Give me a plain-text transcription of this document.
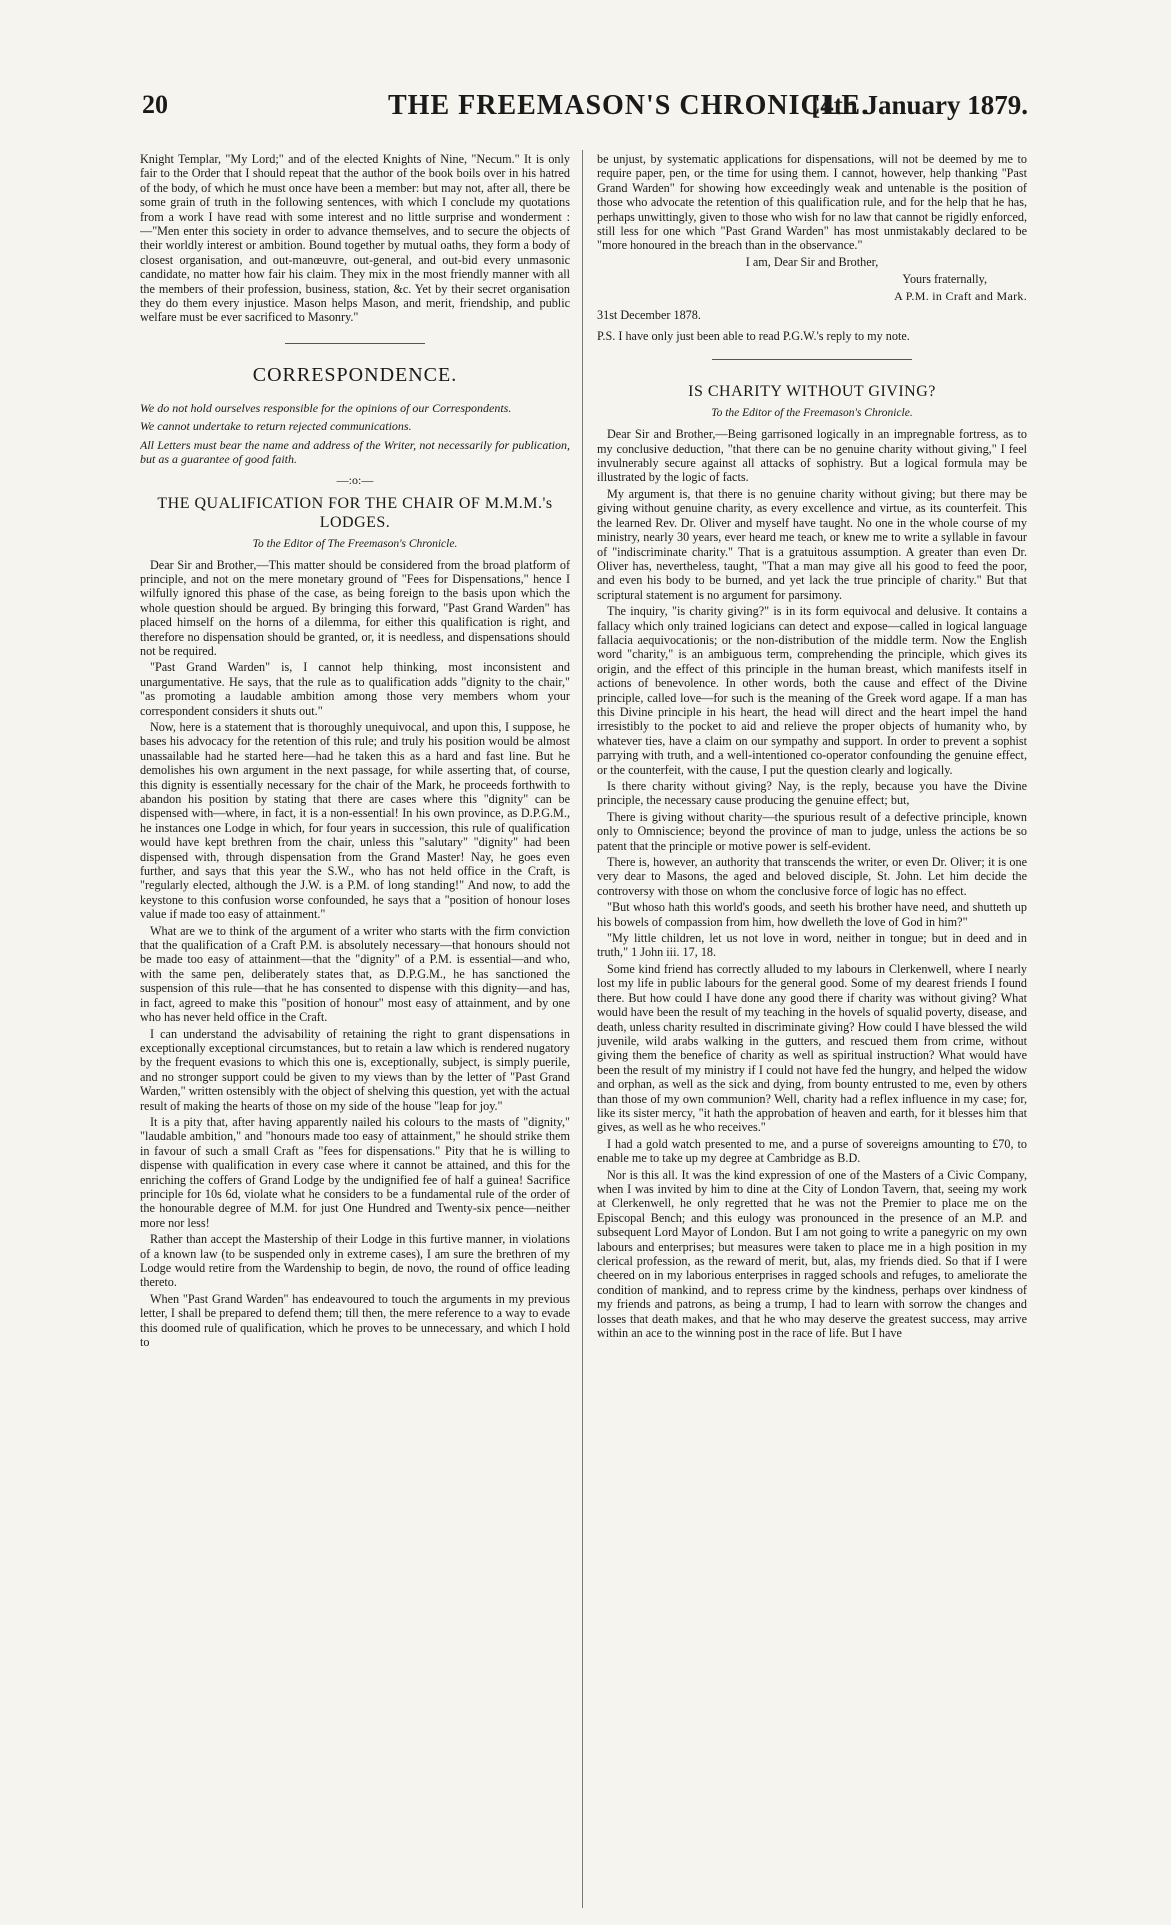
20	THE FREEMASON'S CHRONICLE.
[4th January 1879.

Knight Templar, "My Lord;" and of the elected Knights of Nine, "Necum." It is only fair to the Order that I should repeat that the author of the book boils over in his hatred of the body, of which he must once have been a member: but may not, after all, there be some grain of truth in the following sentences, with which I conclude my quotations from a work I have read with some interest and no little surprise and wonderment :—"Men enter this society in order to advance themselves, and to secure the objects of their worldly interest or ambition. Bound together by mutual oaths, they form a body of closest organisation, and out-manœuvre, out-general, and out-bid every unmasonic candidate, no matter how fair his claim. They mix in the most friendly manner with all the members of their profession, business, station, &c. Yet by their secret organisation they do them every injustice. Mason helps Mason, and merit, friendship, and public welfare must be ever sacrificed to Masonry."

CORRESPONDENCE.

We do not hold ourselves responsible for the opinions of our Correspondents.

We cannot undertake to return rejected communications.

All Letters must bear the name and address of the Writer, not necessarily for publication, but as a guarantee of good faith.

—:o:—
THE QUALIFICATION FOR THE CHAIR OF M.M.M.'s LODGES.
To the Editor of The Freemason's Chronicle.

Dear Sir and Brother,—This matter should be considered from the broad platform of principle, and not on the mere monetary ground of "Fees for Dispensations," hence I wilfully ignored this phase of the case, as being foreign to the basis upon which the whole question should be argued. By bringing this forward, "Past Grand Warden" has placed himself on the horns of a dilemma, for either this qualification is right, and therefore no dispensation should be granted, or, it is needless, and dispensations should not be required.

"Past Grand Warden" is, I cannot help thinking, most inconsistent and unargumentative. He says, that the rule as to qualification adds "dignity to the chair," "as promoting a laudable ambition among those very members whom your correspondent considers it shuts out."

Now, here is a statement that is thoroughly unequivocal, and upon this, I suppose, he bases his advocacy for the retention of this rule; and truly his position would be almost unassailable had he started here—had he taken this as a hard and fast line. But he demolishes his own argument in the next passage, for while asserting that, of course, this dignity is essentially necessary for the chair of the Mark, he proceeds forthwith to abandon his position by stating that there are cases where this "dignity" can be dispensed with—where, in fact, it is a non-essential! In his own province, as D.P.G.M., he instances one Lodge in which, for four years in succession, this rule of qualification would have kept brethren from the chair, unless this "salutary" "dignity" had been dispensed with, through dispensation from the Grand Master! Nay, he goes even further, and says that this year the S.W., who has not held office in the Craft, is "regularly elected, although the J.W. is a P.M. of long standing!" And now, to add the keystone to this confusion worse confounded, he says that a "position of honour loses value if made too easy of attainment."

What are we to think of the argument of a writer who starts with the firm conviction that the qualification of a Craft P.M. is absolutely necessary—that honours should not be made too easy of attainment—that the "dignity" of a P.M. is essential—and who, with the same pen, deliberately states that, as D.P.G.M., he has sanctioned the suspension of this rule—that he has consented to dispense with this dignity—and has, in fact, agreed to make this "position of honour" most easy of attainment, and by one who has never held office in the Craft.

I can understand the advisability of retaining the right to grant dispensations in exceptionally exceptional circumstances, but to retain a law which is rendered nugatory by the frequent evasions to which this one is, exceptionally, subject, is simply puerile, and no stronger support could be given to my views than by the letter of "Past Grand Warden," written ostensibly with the object of shelving this question, yet with the actual result of making the hearts of those on my side of the house "leap for joy."

It is a pity that, after having apparently nailed his colours to the masts of "dignity," "laudable ambition," and "honours made too easy of attainment," he should strike them in favour of such a small Craft as "fees for dispensations." Pity that he is willing to dispense with qualification in every case where it cannot be attained, and this for the enriching the coffers of Grand Lodge by the undignified fee of half a guinea! Sacrifice principle for 10s 6d, violate what he considers to be a fundamental rule of the order of the honourable degree of M.M. for just One Hundred and Twenty-six pence—neither more nor less!

Rather than accept the Mastership of their Lodge in this furtive manner, in violations of a known law (to be suspended only in extreme cases), I am sure the brethren of my Lodge would retire from the Wardenship to begin, de novo, the round of office leading thereto.

When "Past Grand Warden" has endeavoured to touch the arguments in my previous letter, I shall be prepared to defend them; till then, the mere reference to a way to evade this doomed rule of qualification, which he proves to be unnecessary, and which I hold to

be unjust, by systematic applications for dispensations, will not be deemed by me to require paper, pen, or the time for using them. I cannot, however, help thanking "Past Grand Warden" for showing how exceedingly weak and untenable is the position of those who advocate the retention of this qualification rule, and for the help that he has, perhaps unwittingly, given to those who wish for no law that cannot be rigidly enforced, still less for one which "Past Grand Warden" has most unmistakably declared to be "more honoured in the breach than in the observance."

I am, Dear Sir and Brother,
Yours fraternally,
A P.M. in Craft and Mark.
31st December 1878.

P.S. I have only just been able to read P.G.W.'s reply to my note.

IS CHARITY WITHOUT GIVING?
To the Editor of the Freemason's Chronicle.

Dear Sir and Brother,—Being garrisoned logically in an impregnable fortress, as to my conclusive deduction, "that there can be no genuine charity without giving," I feel invulnerably secure against all attacks of sophistry. But a logical formula may be illustrated by the logic of facts.

My argument is, that there is no genuine charity without giving; but there may be giving without genuine charity, as every excellence and virtue, as its counterfeit. This the learned Rev. Dr. Oliver and myself have taught. No one in the whole course of my ministry, nearly 30 years, ever heard me teach, or knew me to write a syllable in favour of "indiscriminate charity." That is a gratuitous assumption. A greater than even Dr. Oliver has, nevertheless, taught, "That a man may give all his good to feed the poor, and even his body to be burned, and yet lack the true principle of charity." But that scriptural statement is no argument for parsimony.

The inquiry, "is charity giving?" is in its form equivocal and delusive. It contains a fallacy which only trained logicians can detect and expose—called in logical language fallacia aequivocationis; or the non-distribution of the middle term. Now the English word "charity," is an ambiguous term, comprehending the principle, which gives its origin, and the effect of this principle in the human breast, which manifests itself in actions of benevolence. In other words, both the cause and effect of the Divine principle, called love—for such is the meaning of the Greek word agape. If a man has this Divine principle in his heart, the head will direct and the heart impel the hand irresistibly to the pocket to aid and relieve the proper objects of humanity who, by whatever ties, have a claim on our sympathy and support. In order to prevent a sophist parrying with truth, and a well-intentioned co-operator confounding the genuine effect, or the counterfeit, with the cause, I put the question clearly and logically.

Is there charity without giving? Nay, is the reply, because you have the Divine principle, the necessary cause producing the genuine effect; but,

There is giving without charity—the spurious result of a defective principle, known only to Omniscience; beyond the province of man to judge, unless the actions be so patent that the principle or motive power is self-evident.

There is, however, an authority that transcends the writer, or even Dr. Oliver; it is one very dear to Masons, the aged and beloved disciple, St. John. Let him decide the controversy with those on whom the conclusive force of logic has no effect.

"But whoso hath this world's goods, and seeth his brother have need, and shutteth up his bowels of compassion from him, how dwelleth the love of God in him?"

"My little children, let us not love in word, neither in tongue; but in deed and in truth," 1 John iii. 17, 18.

Some kind friend has correctly alluded to my labours in Clerkenwell, where I nearly lost my life in public labours for the general good. Some of my dearest friends I found there. But how could I have done any good there if charity was without giving? What would have been the result of my teaching in the hovels of squalid poverty, disease, and death, unless charity resulted in discriminate giving? How could I have blessed the wild juvenile, wild arabs walking in the gutters, and rescued them from crime, without giving them the benefice of charity as well as spiritual instruction? What would have been the result of my ministry if I could not have fed the hungry, and helped the widow and orphan, as well as the sick and dying, from bounty entrusted to me, even by others than those of my own communion? Well, charity had a reflex influence in my case; for, like its sister mercy, "it hath the approbation of heaven and earth, for it blesses him that gives, as well as he who receives."

I had a gold watch presented to me, and a purse of sovereigns amounting to £70, to enable me to take up my degree at Cambridge as B.D.

Nor is this all. It was the kind expression of one of the Masters of a Civic Company, when I was invited by him to dine at the City of London Tavern, that, seeing my work at Clerkenwell, he only regretted that he was not the Premier to place me on the Episcopal Bench; and this eulogy was pronounced in the presence of an M.P. and subsequent Lord Mayor of London. But I am not going to write a panegyric on my own labours and enterprises; but measures were taken to place me in a high position in my clerical profession, as the reward of merit, but, alas, my friends died. So that if I were cheered on in my laborious enterprises in ragged schools and refuges, to ameliorate the condition of mankind, and to repress crime by the kindness, perhaps over kindness of my friends and patrons, as being a trump, I had to learn with sorrow the changes and losses that death makes, and that he who may deserve the greatest success, may arrive within an ace to the winning post in the race of life. But I have
